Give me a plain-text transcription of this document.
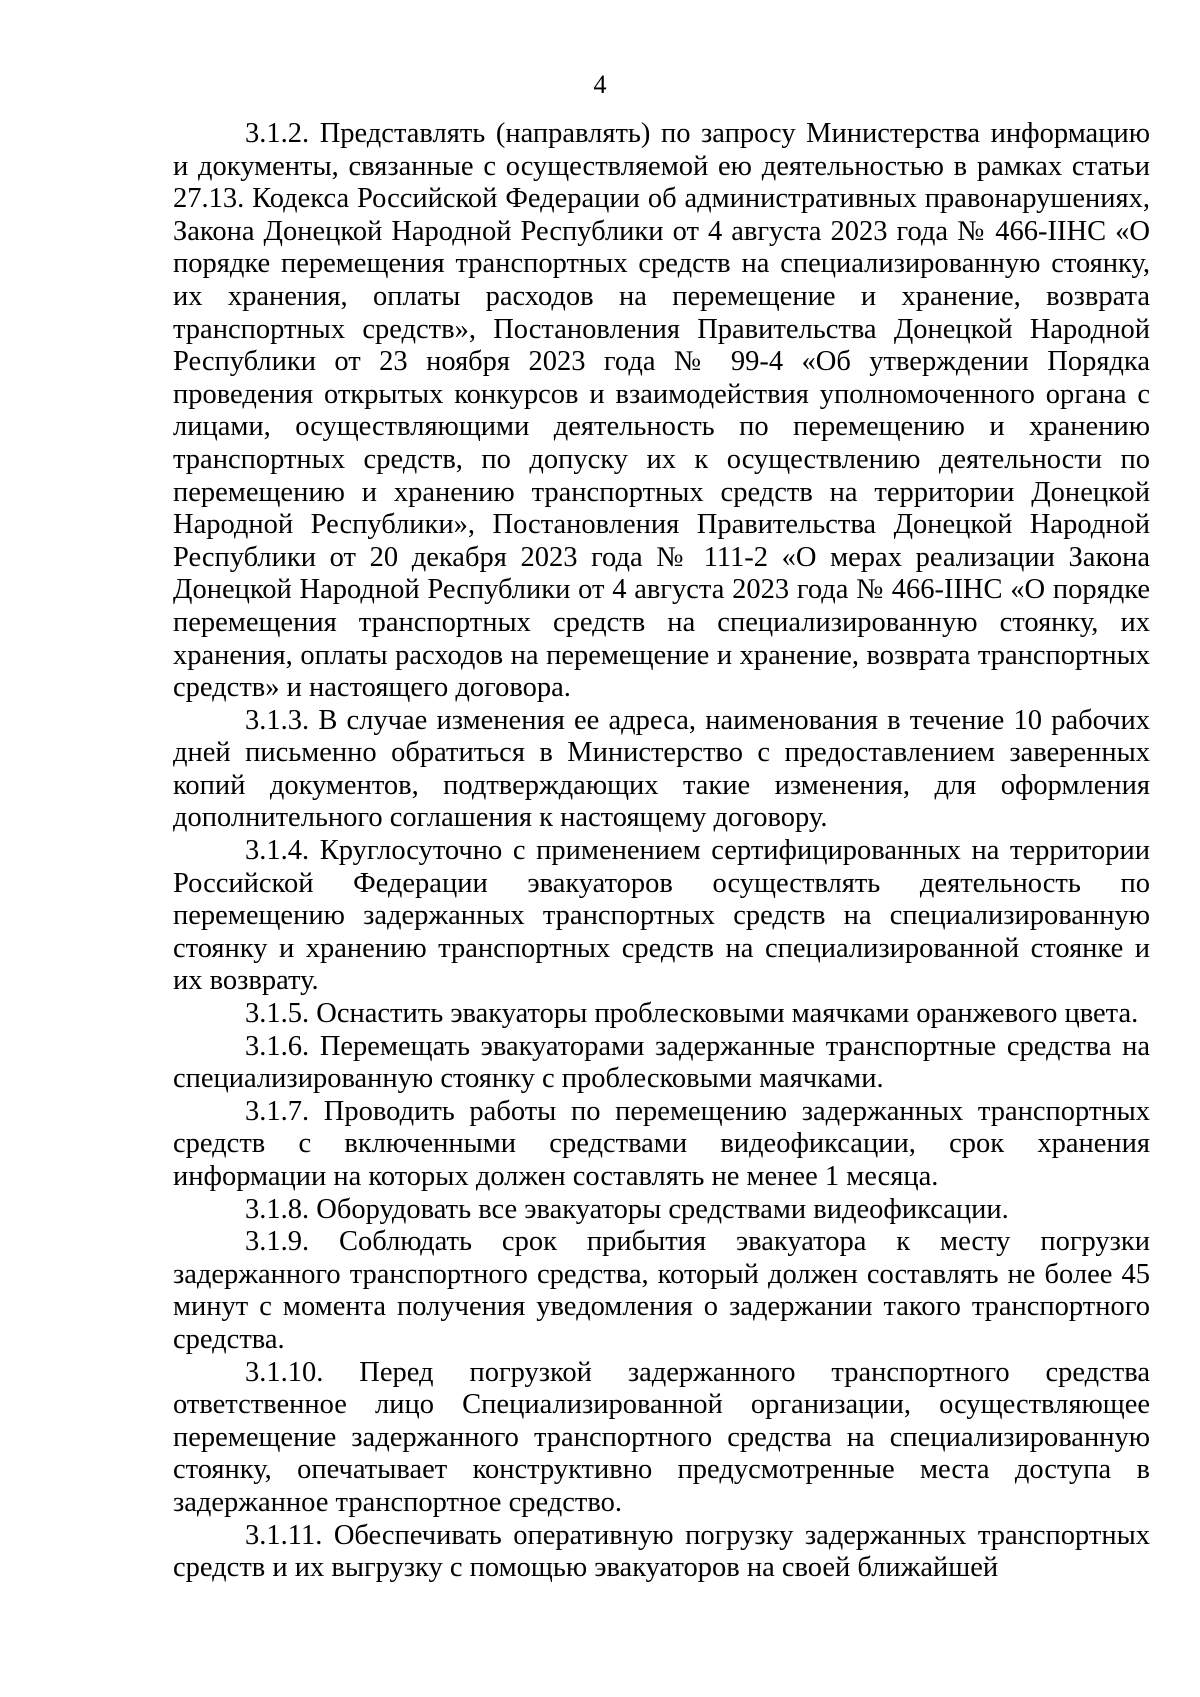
4

3.1.2. Представлять (направлять) по запросу Министерства информацию и документы, связанные с осуществляемой ею деятельностью в рамках статьи 27.13. Кодекса Российской Федерации об административных правонарушениях, Закона Донецкой Народной Республики от 4 августа 2023 года № 466-IIНС «О порядке перемещения транспортных средств на специализированную стоянку, их хранения, оплаты расходов на перемещение и хранение, возврата транспортных средств», Постановления Правительства Донецкой Народной Республики от 23 ноября 2023 года № 99-4 «Об утверждении Порядка проведения открытых конкурсов и взаимодействия уполномоченного органа с лицами, осуществляющими деятельность по перемещению и хранению транспортных средств, по допуску их к осуществлению деятельности по перемещению и хранению транспортных средств на территории Донецкой Народной Республики», Постановления Правительства Донецкой Народной Республики от 20 декабря 2023 года № 111-2 «О мерах реализации Закона Донецкой Народной Республики от 4 августа 2023 года № 466-IIНС «О порядке перемещения транспортных средств на специализированную стоянку, их хранения, оплаты расходов на перемещение и хранение, возврата транспортных средств» и настоящего договора.

3.1.3. В случае изменения ее адреса, наименования в течение 10 рабочих дней письменно обратиться в Министерство с предоставлением заверенных копий документов, подтверждающих такие изменения, для оформления дополнительного соглашения к настоящему договору.

3.1.4. Круглосуточно с применением сертифицированных на территории Российской Федерации эвакуаторов осуществлять деятельность по перемещению задержанных транспортных средств на специализированную стоянку и хранению транспортных средств на специализированной стоянке и их возврату.

3.1.5. Оснастить эвакуаторы проблесковыми маячками оранжевого цвета.

3.1.6. Перемещать эвакуаторами задержанные транспортные средства на специализированную стоянку с проблесковыми маячками.

3.1.7. Проводить работы по перемещению задержанных транспортных средств с включенными средствами видеофиксации, срок хранения информации на которых должен составлять не менее 1 месяца.

3.1.8. Оборудовать все эвакуаторы средствами видеофиксации.

3.1.9. Соблюдать срок прибытия эвакуатора к месту погрузки задержанного транспортного средства, который должен составлять не более 45 минут с момента получения уведомления о задержании такого транспортного средства.

3.1.10. Перед погрузкой задержанного транспортного средства ответственное лицо Специализированной организации, осуществляющее перемещение задержанного транспортного средства на специализированную стоянку, опечатывает конструктивно предусмотренные места доступа в задержанное транспортное средство.

3.1.11. Обеспечивать оперативную погрузку задержанных транспортных средств и их выгрузку с помощью эвакуаторов на своей ближайшей
